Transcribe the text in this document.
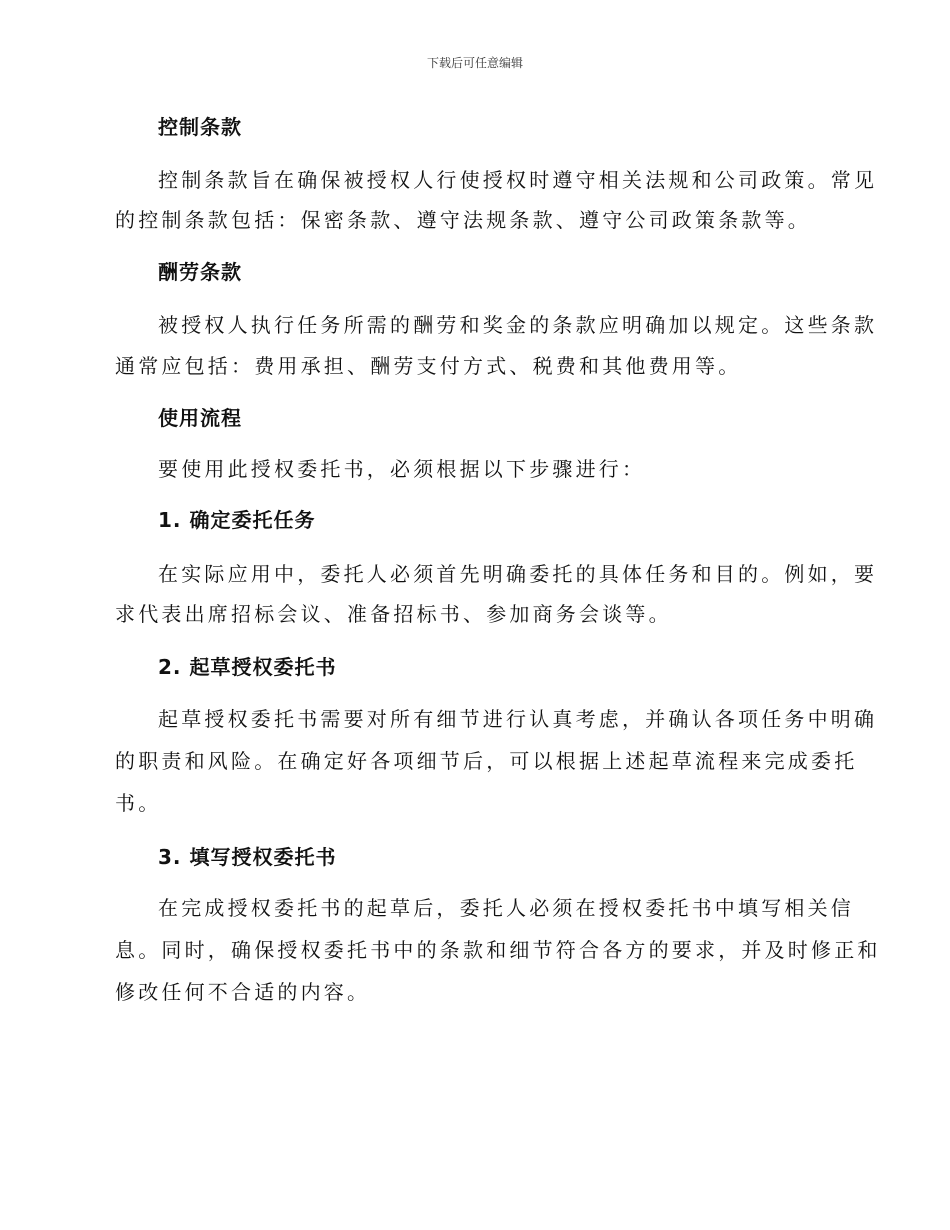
下载后可任意编辑
控制条款
控制条款旨在确保被授权人行使授权时遵守相关法规和公司政策。常见
的控制条款包括：保密条款、遵守法规条款、遵守公司政策条款等。
酬劳条款
被授权人执行任务所需的酬劳和奖金的条款应明确加以规定。这些条款
通常应包括：费用承担、酬劳支付方式、税费和其他费用等。
使用流程
要使用此授权委托书，必须根据以下步骤进行：
1. 确定委托任务
在实际应用中，委托人必须首先明确委托的具体任务和目的。例如，要
求代表出席招标会议、准备招标书、参加商务会谈等。
2. 起草授权委托书
起草授权委托书需要对所有细节进行认真考虑，并确认各项任务中明确
的职责和风险。在确定好各项细节后，可以根据上述起草流程来完成委托
书。
3. 填写授权委托书
在完成授权委托书的起草后，委托人必须在授权委托书中填写相关信
息。同时，确保授权委托书中的条款和细节符合各方的要求，并及时修正和
修改任何不合适的内容。
